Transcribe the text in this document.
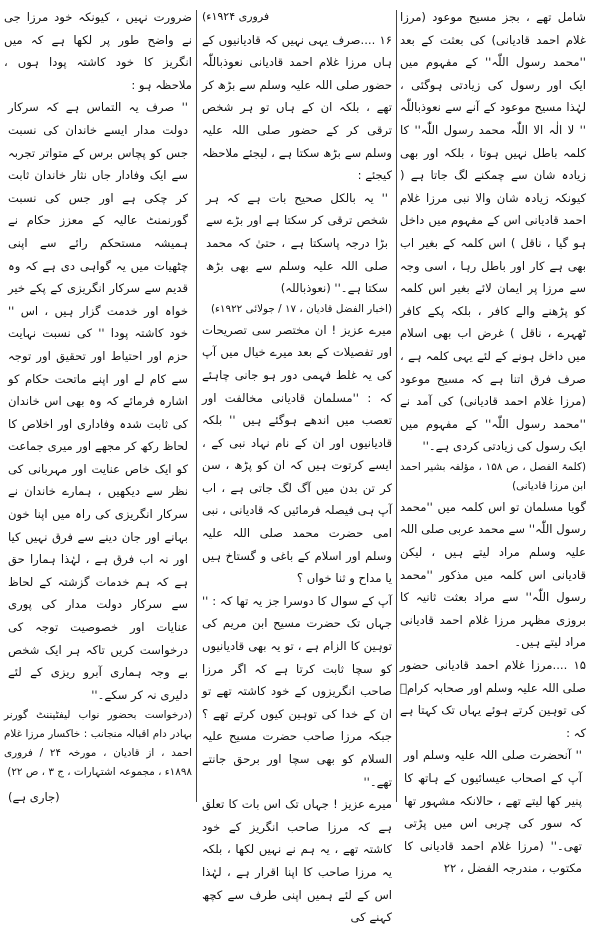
شامل تھے ، بجز مسیح موعود (مرزا غلام احمد قادیانی) کی بعثت کے بعد ''محمد رسول اللّٰہ'' کے مفہوم میں ایک اور رسول کی زیادتی ہوگئی ، لہٰذا مسیح موعود کے آنے سے نعوذباللّٰہ '' لا الٰہ الا اللّٰہ محمد رسول اللّٰہ'' کا کلمہ باطل نہیں ہوتا ، بلکہ اور بھی زیادہ شان سے چمکنے لگ جاتا ہے ( کیونکہ زیادہ شان والا نبی مرزا غلام احمد قادیانی اس کے مفہوم میں داخل ہو گیا ، ناقل ) اس کلمہ کے بغیر اب بھی ہے کار اور باطل رہا ، اسی وجہ سے مرزا پر ایمان لائے بغیر اس کلمہ کو پڑھنے والے کافر ، بلکہ پکے کافر ٹھہرے ، ناقل ) غرض اب بھی اسلام میں داخل ہونے کے لئے یہی کلمہ ہے ، صرف فرق اتنا ہے کہ مسیح موعود (مرزا غلام احمد قادیانی) کی آمد نے ''محمد رسول اللّٰہ'' کے مفہوم میں ایک رسول کی زیادتی کردی ہے۔''

(کلمۃ الفصل ، ص ۱۵۸ ، مؤلفہ بشیر احمد ابن مرزا قادیانی)

گویا مسلمان تو اس کلمہ میں ''محمد رسول اللّٰہ'' سے محمد عربی صلی اللہ علیہ وسلم مراد لیتے ہیں ، لیکن قادیانی اس کلمہ میں مذکور ''محمد رسول اللّٰہ'' سے مراد بعثت ثانیہ کا بروزی مظہر مرزا غلام احمد قادیانی مراد لیتے ہیں۔

۱۵ ....مرزا غلام احمد قادیانی حضور صلی اللہ علیہ وسلم اور صحابہ کرامؓ کی توہین کرتے ہوئے یہاں تک کہتا ہے کہ :

'' آنحضرت صلی اللہ علیہ وسلم اور آپ کے اصحاب عیسائیوں کے ہاتھ کا پنیر کھا لیتے تھے ، حالانکہ مشہور تھا کہ سور کی چربی اس میں پڑتی تھی۔'' (مرزا غلام احمد قادیانی کا مکتوب ، مندرجہ الفضل ، ۲۲

فروری ۱۹۲۴ء)

۱۶ ....صرف یہی نہیں کہ قادیانیوں کے ہاں مرزا غلام احمد قادیانی نعوذباللّٰہ حضور صلی اللہ علیہ وسلم سے بڑھ کر تھے ، بلکہ ان کے ہاں تو ہر شخص ترقی کر کے حضور صلی اللہ علیہ وسلم سے بڑھ سکتا ہے ، لیجئے ملاحظہ کیجئے :

'' یہ بالکل صحیح بات ہے کہ ہر شخص ترقی کر سکتا ہے اور بڑے سے بڑا درجہ پاسکتا ہے ، حتیٰ کہ محمد صلی اللہ علیہ وسلم سے بھی بڑھ سکتا ہے۔'' (نعوذباللہ)

(اخبار الفضل قادیان ، ۱۷ / جولائی ۱۹۲۲ء)

میرے عزیز ! ان مختصر سی تصریحات اور تفصیلات کے بعد میرے خیال میں آپ کی یہ غلط فہمی دور ہو جانی چاہئے کہ : ''مسلمان قادیانی مخالفت اور تعصب میں اندھے ہوگئے ہیں '' بلکہ قادیانیوں اور ان کے نام نہاد نبی کے ، ایسے کرتوت ہیں کہ ان کو پڑھ ، سن کر تن بدن میں آگ لگ جاتی ہے ، اب آپ ہی فیصلہ فرمائیں کہ قادیانی ، نبی امی حضرت محمد صلی اللہ علیہ وسلم اور اسلام کے باغی و گستاخ ہیں یا مداح و ثنا خواں ؟

آپ کے سوال کا دوسرا جز یہ تھا کہ : '' جہاں تک حضرت مسیح ابن مریم کی توہین کا الزام ہے ، تو یہ بھی قادیانیوں کو سچا ثابت کرتا ہے کہ اگر مرزا صاحب انگریزوں کے خود کاشتہ تھے تو ان کے خدا کی توہین کیوں کرتے تھے ؟ جبکہ مرزا صاحب حضرت مسیح علیہ السلام کو بھی سچا اور برحق جانتے تھے۔''

میرے عزیز ! جہاں تک اس بات کا تعلق ہے کہ مرزا صاحب انگریز کے خود کاشتہ تھے ، یہ ہم نے نہیں لکھا ، بلکہ یہ مرزا صاحب کا اپنا اقرار ہے ، لہٰذا اس کے لئے ہمیں اپنی طرف سے کچھ کہنے کی

ضرورت نہیں ، کیونکہ خود مرزا جی نے واضح طور پر لکھا ہے کہ میں انگریز کا خود کاشتہ پودا ہوں ، ملاحظہ ہو :

'' صرف یہ التماس ہے کہ سرکار دولت مدار ایسے خاندان کی نسبت جس کو پچاس برس کے متواتر تجربہ سے ایک وفادار جاں نثار خاندان ثابت کر چکی ہے اور جس کی نسبت گورنمنٹ عالیہ کے معزز حکام نے ہمیشہ مستحکم رائے سے اپنی چٹھیات میں یہ گواہی دی ہے کہ وہ قدیم سے سرکار انگریزی کے پکے خیر خواہ اور خدمت گزار ہیں ، اس '' خود کاشتہ پودا '' کی نسبت نہایت حزم اور احتیاط اور تحقیق اور توجہ سے کام لے اور اپنے ماتحت حکام کو اشارہ فرمائے کہ وہ بھی اس خاندان کی ثابت شدہ وفاداری اور اخلاص کا لحاظ رکھ کر مجھے اور میری جماعت کو ایک خاص عنایت اور مہربانی کی نظر سے دیکھیں ، ہمارے خاندان نے سرکار انگریزی کی راہ میں اپنا خون بہانے اور جان دینے سے فرق نہیں کیا اور نہ اب فرق ہے ، لہٰذا ہمارا حق ہے کہ ہم خدمات گزشتہ کے لحاظ سے سرکار دولت مدار کی پوری عنایات اور خصوصیت توجہ کی درخواست کریں تاکہ ہر ایک شخص بے وجہ ہماری آبرو ریزی کے لئے دلیری نہ کر سکے۔''

(درخواست بحضور نواب لیفٹیننٹ گورنر بہادر دام اقبالہ منجانب : خاکسار مرزا غلام احمد ، از قادیان ، مورخہ ۲۴ / فروری ۱۸۹۸ء ، مجموعہ اشتہارات ، ج ۳ ، ص ۲۲)

(جاری ہے)
